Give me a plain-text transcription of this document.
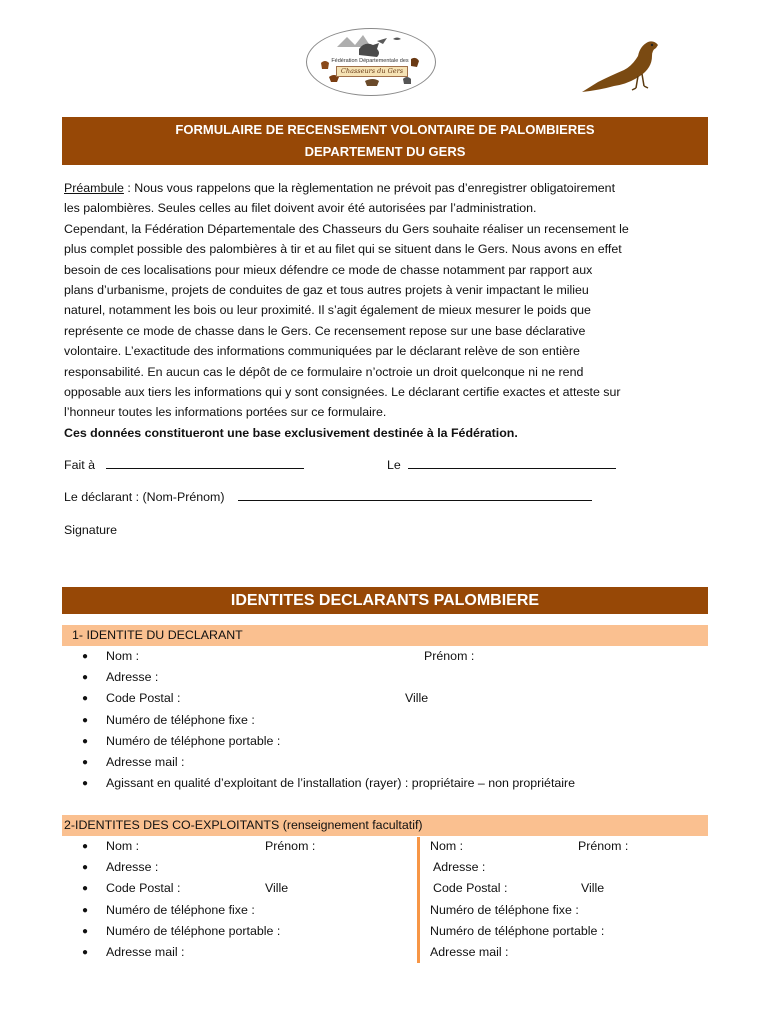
Fédération Départementale des
Chasseurs du Gers
FORMULAIRE DE RECENSEMENT VOLONTAIRE DE PALOMBIERES
DEPARTEMENT DU GERS

Préambule : Nous vous rappelons que la règlementation ne prévoit pas d’enregistrer obligatoirement

les palombières. Seules celles au filet doivent avoir été autorisées par l’administration.

Cependant, la Fédération Départementale des Chasseurs du Gers souhaite réaliser un recensement le

plus complet possible des palombières à tir et au filet qui se situent dans le Gers. Nous avons en effet

besoin de ces localisations pour mieux défendre ce mode de chasse notamment par rapport aux

plans d’urbanisme, projets de conduites de gaz et tous autres projets à venir impactant le milieu

naturel, notamment les bois ou leur proximité. Il s’agit également de mieux mesurer le poids que

représente ce mode de chasse dans le Gers. Ce recensement repose sur une base déclarative

volontaire. L’exactitude des informations communiquées par le déclarant relève de son entière

responsabilité. En aucun cas le dépôt de ce formulaire n’octroie un droit quelconque ni ne rend

opposable aux tiers les informations qui y sont consignées. Le déclarant certifie exactes et atteste sur

l’honneur toutes les informations portées sur ce formulaire.

Ces données constitueront une base exclusivement destinée à la Fédération.

Fait à	Le
Le déclarant : (Nom-Prénom)
Signature
IDENTITES DECLARANTS PALOMBIERE
1- IDENTITE DU DECLARANT
● Nom :	Prénom :
● Adresse :
● Code Postal :	Ville
● Numéro de téléphone fixe :
● Numéro de téléphone portable :
● Adresse mail :
● Agissant en qualité d’exploitant de l’installation (rayer) : propriétaire – non propriétaire
2-IDENTITES DES CO-EXPLOITANTS (renseignement facultatif)
● Nom :	Prénom :
● Adresse :
● Code Postal :	Ville
● Numéro de téléphone fixe :
● Numéro de téléphone portable :
● Adresse mail :
Nom :	Prénom :
Adresse :
Code Postal :	Ville
Numéro de téléphone fixe :
Numéro de téléphone portable :
Adresse mail :
